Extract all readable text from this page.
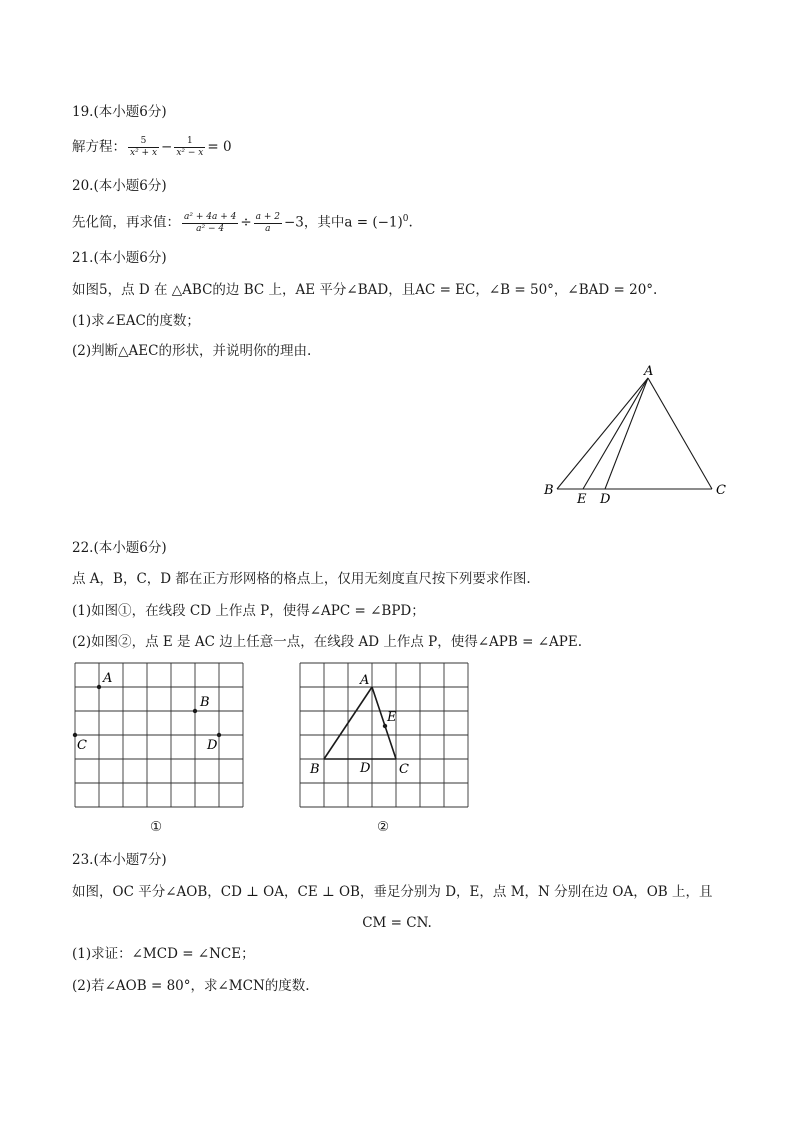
19.(本小题6分)
解方程： $\frac{5}{\text{x² + x}} - \frac{1}{\text{x² − x}} = 0$
20.(本小题6分)
先化简，再求值： $\frac{\text{a² + 4a + 4}}{\text{a² − 4}} \div \frac{a + 2}{a} -3$，其中$a = (-1)^0$.
21.(本小题6分)
如图5，点 D 在 △ABC的边 BC 上，AE 平分∠BAD，且AC = EC，∠B = 50°，∠BAD = 20°.
(1)求∠EAC的度数；
(2)判断△AEC的形状，并说明你的理由.
A
B	C
E D
22.(本小题6分)
点 A，B，C，D 都在正方形网格的格点上，仅用无刻度直尺按下列要求作图.
(1)如图①，在线段 CD 上作点 P，使得∠APC = ∠BPD；
(2)如图②，点 E 是 AC 边上任意一点，在线段 AD 上作点 P，使得∠APB = ∠APE.
A
B
C	D
①
A
E
B	D C
②
23.(本小题7分)
如图，OC 平分∠AOB，CD ⊥ OA，CE ⊥ OB，垂足分别为 D，E，点 M，N 分别在边 OA，OB 上，且
CM = CN.
(1)求证：∠MCD = ∠NCE；
(2)若∠AOB = 80°，求∠MCN的度数.
